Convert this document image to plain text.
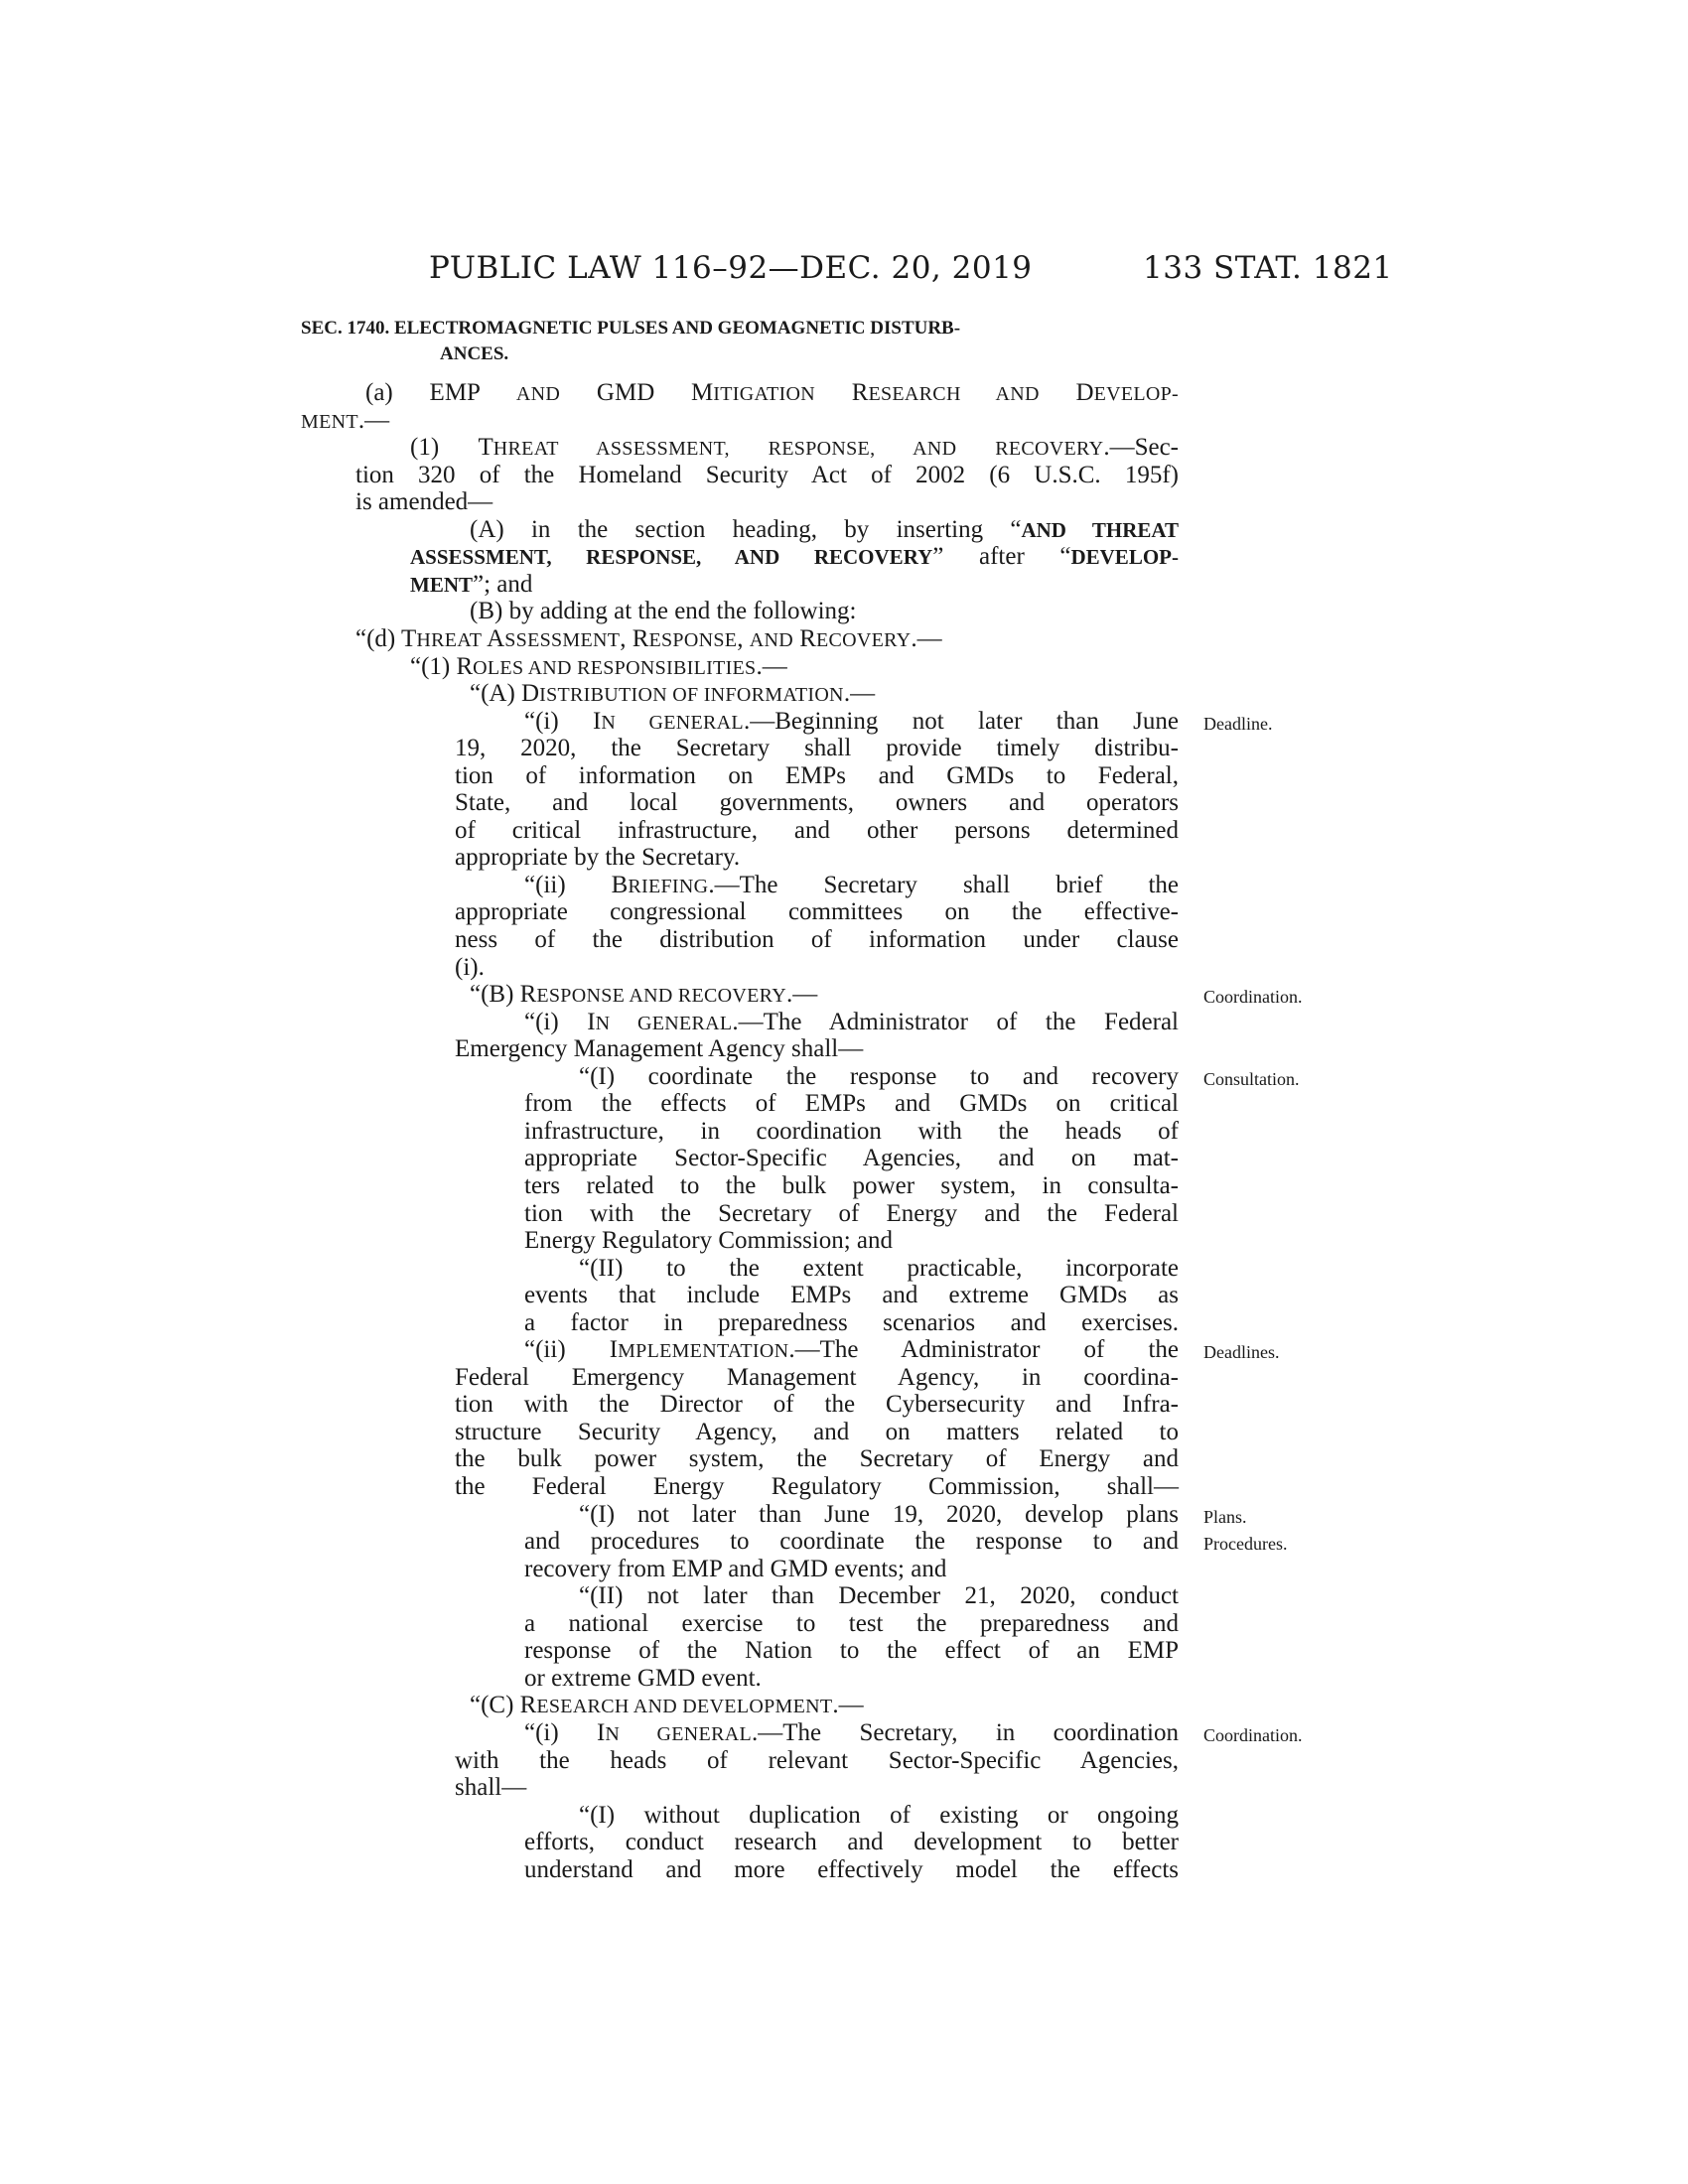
PUBLIC LAW 116–92—DEC. 20, 2019	133 STAT. 1821
SEC. 1740. ELECTROMAGNETIC PULSES AND GEOMAGNETIC DISTURB-
ANCES.
(a) EMP AND GMD MITIGATION RESEARCH AND DEVELOP-
MENT.—
(1) THREAT ASSESSMENT, RESPONSE, AND RECOVERY.—Sec-
tion 320 of the Homeland Security Act of 2002 (6 U.S.C. 195f)
is amended—
(A) in the section heading, by inserting “AND THREAT
ASSESSMENT, RESPONSE, AND RECOVERY” after “DEVELOP-
MENT”; and
(B) by adding at the end the following:
“(d) THREAT ASSESSMENT, RESPONSE, AND RECOVERY.—
“(1) ROLES AND RESPONSIBILITIES.—
“(A) DISTRIBUTION OF INFORMATION.—
“(i) IN GENERAL.—Beginning not later than June
19, 2020, the Secretary shall provide timely distribu-
tion of information on EMPs and GMDs to Federal,
State, and local governments, owners and operators
of critical infrastructure, and other persons determined
appropriate by the Secretary.
“(ii) BRIEFING.—The Secretary shall brief the
appropriate congressional committees on the effective-
ness of the distribution of information under clause
(i).
“(B) RESPONSE AND RECOVERY.—
“(i) IN GENERAL.—The Administrator of the Federal
Emergency Management Agency shall—
“(I) coordinate the response to and recovery
from the effects of EMPs and GMDs on critical
infrastructure, in coordination with the heads of
appropriate Sector-Specific Agencies, and on mat-
ters related to the bulk power system, in consulta-
tion with the Secretary of Energy and the Federal
Energy Regulatory Commission; and
“(II) to the extent practicable, incorporate
events that include EMPs and extreme GMDs as
a factor in preparedness scenarios and exercises.
“(ii) IMPLEMENTATION.—The Administrator of the
Federal Emergency Management Agency, in coordina-
tion with the Director of the Cybersecurity and Infra-
structure Security Agency, and on matters related to
the bulk power system, the Secretary of Energy and
the Federal Energy Regulatory Commission, shall—
“(I) not later than June 19, 2020, develop plans
and procedures to coordinate the response to and
recovery from EMP and GMD events; and
“(II) not later than December 21, 2020, conduct
a national exercise to test the preparedness and
response of the Nation to the effect of an EMP
or extreme GMD event.
“(C) RESEARCH AND DEVELOPMENT.—
“(i) IN GENERAL.—The Secretary, in coordination
with the heads of relevant Sector-Specific Agencies,
shall—
“(I) without duplication of existing or ongoing
efforts, conduct research and development to better
understand and more effectively model the effects
Deadline.
Coordination.
Consultation.
Deadlines.
Plans.
Procedures.
Coordination.
